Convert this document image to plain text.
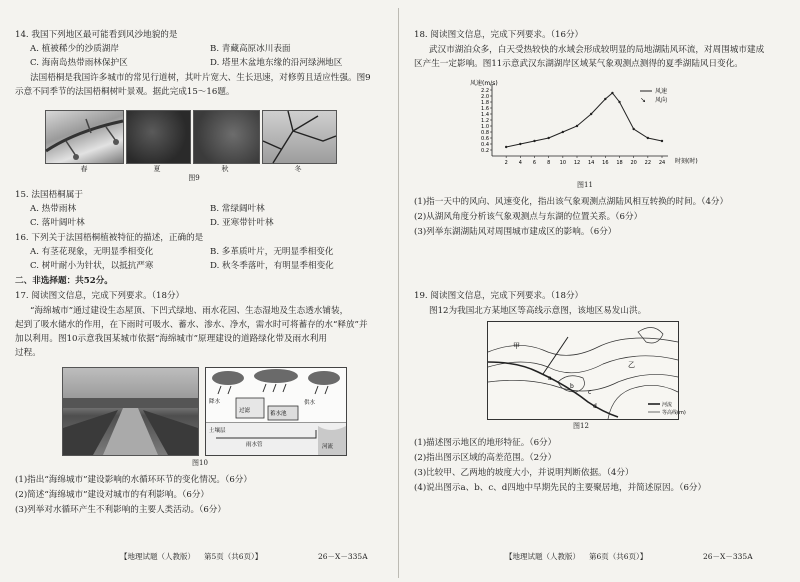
14. 我国下列地区最可能看到风沙地貌的是
A. 植被稀少的沙质湖岸	B. 青藏高原冰川表面
C. 海南岛热带雨林保护区	D. 塔里木盆地东缘的沿河绿洲地区
法国梧桐是我国许多城市的常见行道树，其叶片宽大、生长迅速，对修剪且适应性强。图9
示意不同季节的法国梧桐树叶景观。据此完成15～16题。
春	夏	秋	冬
图9
15. 法国梧桐属于
A. 热带雨林	B. 常绿阔叶林
C. 落叶阔叶林	D. 亚寒带针叶林
16. 下列关于法国梧桐植被特征的描述，正确的是
A. 有茎花现象，无明显季相变化	B. 多革质叶片，无明显季相变化
C. 树叶耐小为针状，以抵抗严寒	D. 秋冬季落叶，有明显季相变化
二、非选择题：共52分。
17. 阅读图文信息，完成下列要求。（18分）
“海绵城市”通过建设生态屋顶、下凹式绿地、雨水花园、生态湿地及生态透水铺装，
起到了吸水储水的作用，在下雨时可吸水、蓄水、渗水、净水，需水时可将蓄存的水“释放”并
加以利用。图10示意我国某城市依据“海绵城市”原理建设的道路绿化带及雨水利用
过程。
降水
蓄水池
雨水管	河流
土壤层
供水
过滤
图10
(1)指出“海绵城市”建设影响的水循环环节的变化情况。（6分）
(2)简述“海绵城市”建设对城市的有利影响。（6分）
(3)列举对水循环产生不利影响的主要人类活动。（6分）
【地理试题（人教版） 第5页（共6页）】	26－X－335A
18. 阅读图文信息，完成下列要求。（16分）
武汉市湖泊众多，白天受热较快的水域会形成较明显的局地湖陆风环流，对周围城市建成
区产生一定影响。图11示意武汉东湖湖岸区域某气象观测点测得的夏季湖陆风日变化。
风速(m/s)
时刻(时)
风速
↘ 风向
0.2
0.4
0.6
0.8
1.0
1.2
1.4
1.6
1.8
2.0
2.2
2 4 6 8 10 12 14 16 18 20 22 24
图11
(1)指一天中的风向、风速变化，指出该气象观测点湖陆风相互转换的时间。（4分）
(2)从湖风角度分析该气象观测点与东湖的位置关系。（6分）
(3)列举东湖湖陆风对周围城市建成区的影响。（6分）
19. 阅读图文信息，完成下列要求。（18分）
图12为我国北方某地区等高线示意图，该地区易发山洪。
甲
乙
a
b
c
d	河流
等高线(m)
图12
(1)描述图示地区的地形特征。（6分）
(2)指出图示区域的高差范围。（2分）
(3)比较甲、乙两地的坡度大小，并说明判断依据。（4分）
(4)说出图示a、b、c、d四地中早期先民的主要聚居地，并简述原因。（6分）
【地理试题（人教版） 第6页（共6页）】	26－X－335A
